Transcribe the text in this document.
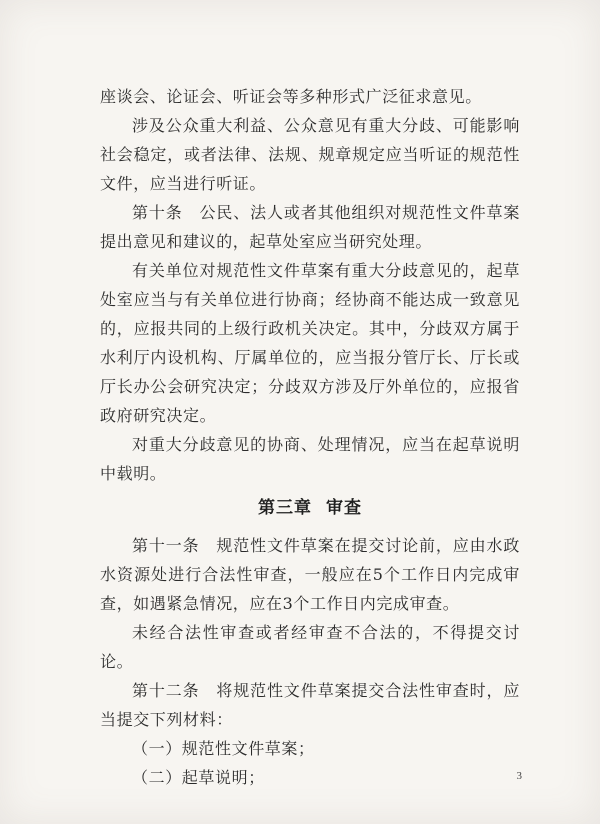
座谈会、论证会、听证会等多种形式广泛征求意见。

涉及公众重大利益、公众意见有重大分歧、可能影响社会稳定，或者法律、法规、规章规定应当听证的规范性文件，应当进行听证。

第十条　公民、法人或者其他组织对规范性文件草案提出意见和建议的，起草处室应当研究处理。

有关单位对规范性文件草案有重大分歧意见的，起草处室应当与有关单位进行协商；经协商不能达成一致意见的，应报共同的上级行政机关决定。其中，分歧双方属于水利厅内设机构、厅属单位的，应当报分管厅长、厅长或厅长办公会研究决定；分歧双方涉及厅外单位的，应报省政府研究决定。

对重大分歧意见的协商、处理情况，应当在起草说明中载明。

第三章 审查

第十一条　规范性文件草案在提交讨论前，应由水政水资源处进行合法性审查，一般应在5个工作日内完成审查，如遇紧急情况，应在3个工作日内完成审查。

未经合法性审查或者经审查不合法的，不得提交讨论。

第十二条　将规范性文件草案提交合法性审查时，应当提交下列材料：

（一）规范性文件草案；

（二）起草说明；	3
